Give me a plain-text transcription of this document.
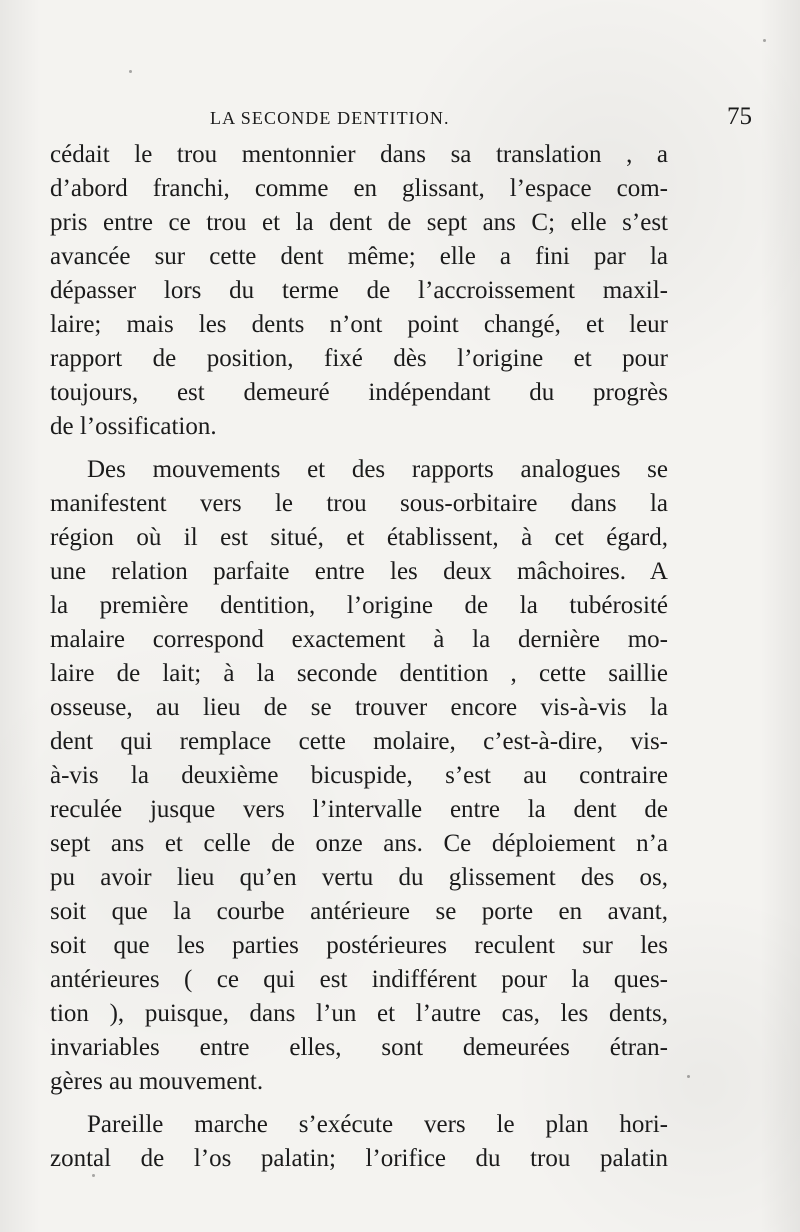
LA SECONDE DENTITION.	75
cédait le trou mentonnier dans sa translation , a
d’abord franchi, comme en glissant, l’espace com-
pris entre ce trou et la dent de sept ans C; elle s’est
avancée sur cette dent même; elle a fini par la
dépasser lors du terme de l’accroissement maxil-
laire; mais les dents n’ont point changé, et leur
rapport de position, fixé dès l’origine et pour
toujours, est demeuré indépendant du progrès
de l’ossification.
Des mouvements et des rapports analogues se
manifestent vers le trou sous-orbitaire dans la
région où il est situé, et établissent, à cet égard,
une relation parfaite entre les deux mâchoires. A
la première dentition, l’origine de la tubérosité
malaire correspond exactement à la dernière mo-
laire de lait; à la seconde dentition , cette saillie
osseuse, au lieu de se trouver encore vis-à-vis la
dent qui remplace cette molaire, c’est-à-dire, vis-
à-vis la deuxième bicuspide, s’est au contraire
reculée jusque vers l’intervalle entre la dent de
sept ans et celle de onze ans. Ce déploiement n’a
pu avoir lieu qu’en vertu du glissement des os,
soit que la courbe antérieure se porte en avant,
soit que les parties postérieures reculent sur les
antérieures ( ce qui est indifférent pour la ques-
tion ), puisque, dans l’un et l’autre cas, les dents,
invariables entre elles, sont demeurées étran-
gères au mouvement.
Pareille marche s’exécute vers le plan hori-
zontal de l’os palatin; l’orifice du trou palatin
